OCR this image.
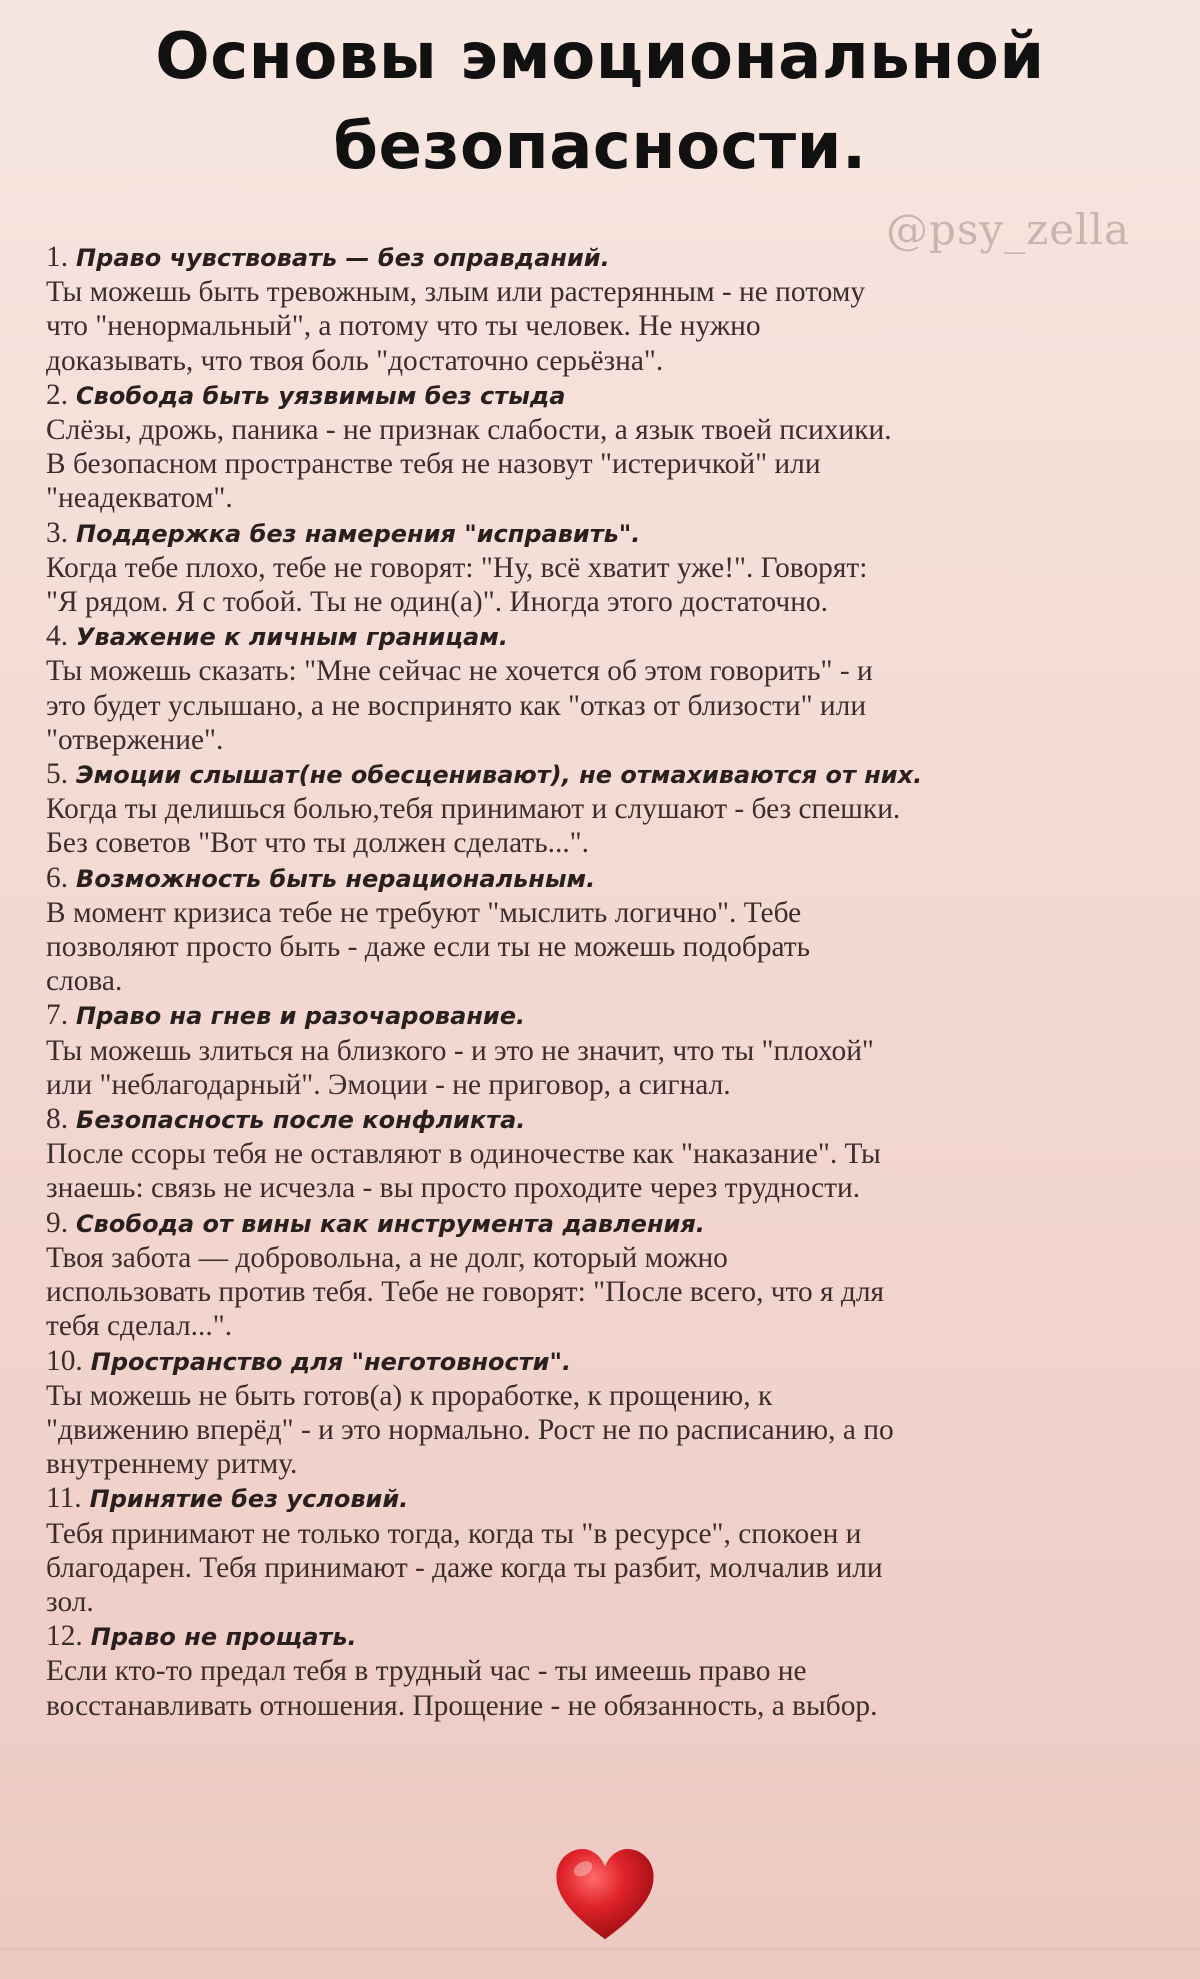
Основы эмоциональной
безопасности.
@psy_zella
1. Право чувствовать — без оправданий.
Ты можешь быть тревожным, злым или растерянным - не потому
что "ненормальный", а потому что ты человек. Не нужно
доказывать, что твоя боль "достаточно серьёзна".
2. Свобода быть уязвимым без стыда
Слёзы, дрожь, паника - не признак слабости, а язык твоей психики.
В безопасном пространстве тебя не назовут "истеричкой" или
"неадекватом".
3. Поддержка без намерения "исправить".
Когда тебе плохо, тебе не говорят: "Ну, всё хватит уже!". Говорят:
"Я рядом. Я с тобой. Ты не один(а)". Иногда этого достаточно.
4. Уважение к личным границам.
Ты можешь сказать: "Мне сейчас не хочется об этом говорить" - и
это будет услышано, а не воспринято как "отказ от близости" или
"отвержение".
5. Эмоции слышат(не обесценивают), не отмахиваются от них.
Когда ты делишься болью,тебя принимают и слушают - без спешки.
Без советов "Вот что ты должен сделать...".
6. Возможность быть нерациональным.
В момент кризиса тебе не требуют "мыслить логично". Тебе
позволяют просто быть - даже если ты не можешь подобрать
слова.
7. Право на гнев и разочарование.
Ты можешь злиться на близкого - и это не значит, что ты "плохой"
или "неблагодарный". Эмоции - не приговор, а сигнал.
8. Безопасность после конфликта.
После ссоры тебя не оставляют в одиночестве как "наказание". Ты
знаешь: связь не исчезла - вы просто проходите через трудности.
9. Свобода от вины как инструмента давления.
Твоя забота — добровольна, а не долг, который можно
использовать против тебя. Тебе не говорят: "После всего, что я для
тебя сделал...".
10. Пространство для "неготовности".
Ты можешь не быть готов(а) к проработке, к прощению, к
"движению вперёд" - и это нормально. Рост не по расписанию, а по
внутреннему ритму.
11. Принятие без условий.
Тебя принимают не только тогда, когда ты "в ресурсе", спокоен и
благодарен. Тебя принимают - даже когда ты разбит, молчалив или
зол.
12. Право не прощать.
Если кто-то предал тебя в трудный час - ты имеешь право не
восстанавливать отношения. Прощение - не обязанность, а выбор.
